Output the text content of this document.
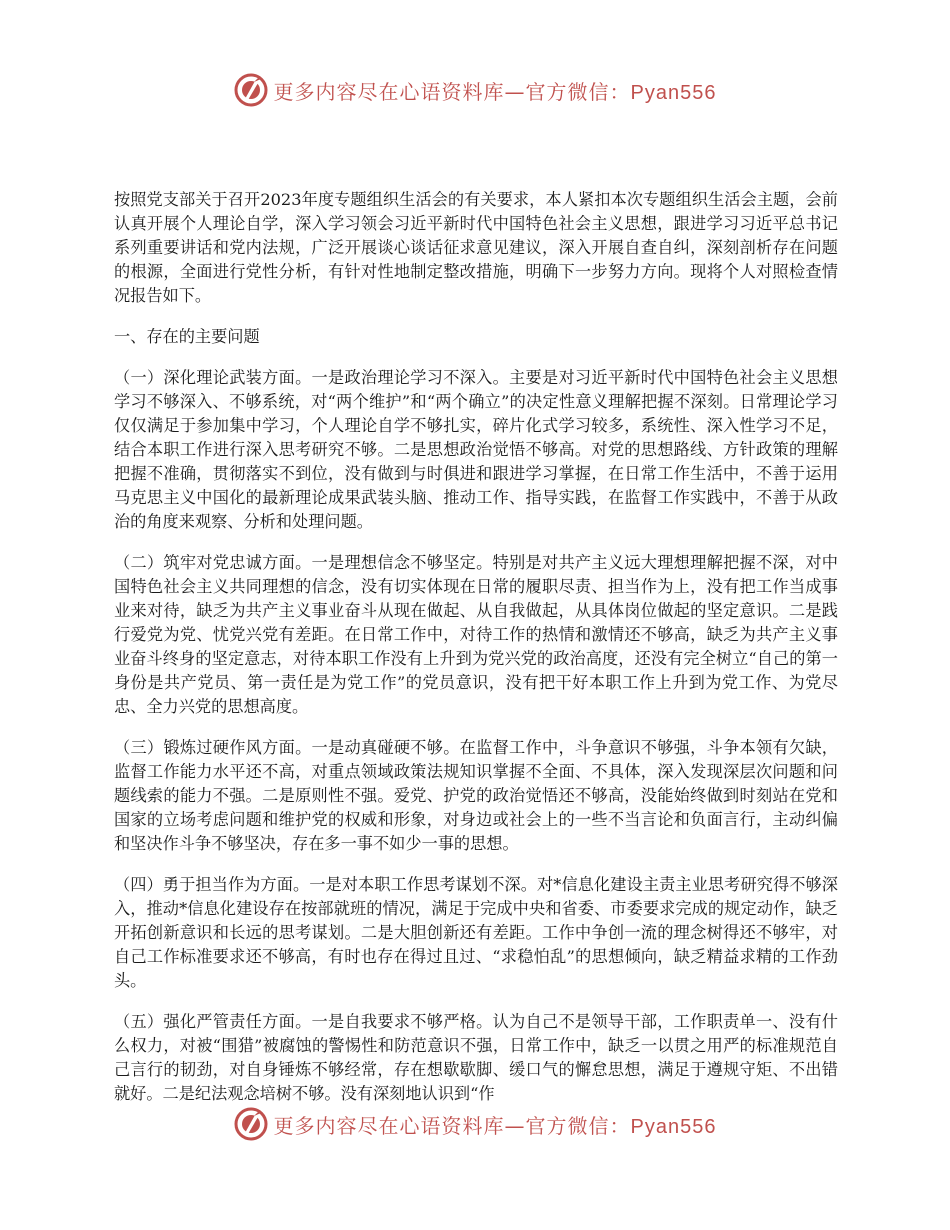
更多内容尽在心语资料库—官方微信：Pyan556

按照党支部关于召开2023年度专题组织生活会的有关要求，本人紧扣本次专题组织生活会主题，会前认真开展个人理论自学，深入学习领会习近平新时代中国特色社会主义思想，跟进学习习近平总书记系列重要讲话和党内法规，广泛开展谈心谈话征求意见建议，深入开展自查自纠，深刻剖析存在问题的根源，全面进行党性分析，有针对性地制定整改措施，明确下一步努力方向。现将个人对照检查情况报告如下。

一、存在的主要问题

（一）深化理论武装方面。一是政治理论学习不深入。主要是对习近平新时代中国特色社会主义思想学习不够深入、不够系统，对“两个维护”和“两个确立”的决定性意义理解把握不深刻。日常理论学习仅仅满足于参加集中学习，个人理论自学不够扎实，碎片化式学习较多，系统性、深入性学习不足，结合本职工作进行深入思考研究不够。二是思想政治觉悟不够高。对党的思想路线、方针政策的理解把握不准确，贯彻落实不到位，没有做到与时俱进和跟进学习掌握，在日常工作生活中，不善于运用马克思主义中国化的最新理论成果武装头脑、推动工作、指导实践，在监督工作实践中，不善于从政治的角度来观察、分析和处理问题。

（二）筑牢对党忠诚方面。一是理想信念不够坚定。特别是对共产主义远大理想理解把握不深，对中国特色社会主义共同理想的信念，没有切实体现在日常的履职尽责、担当作为上，没有把工作当成事业来对待，缺乏为共产主义事业奋斗从现在做起、从自我做起，从具体岗位做起的坚定意识。二是践行爱党为党、忧党兴党有差距。在日常工作中，对待工作的热情和激情还不够高，缺乏为共产主义事业奋斗终身的坚定意志，对待本职工作没有上升到为党兴党的政治高度，还没有完全树立“自己的第一身份是共产党员、第一责任是为党工作”的党员意识，没有把干好本职工作上升到为党工作、为党尽忠、全力兴党的思想高度。

（三）锻炼过硬作风方面。一是动真碰硬不够。在监督工作中，斗争意识不够强，斗争本领有欠缺，监督工作能力水平还不高，对重点领域政策法规知识掌握不全面、不具体，深入发现深层次问题和问题线索的能力不强。二是原则性不强。爱党、护党的政治觉悟还不够高，没能始终做到时刻站在党和国家的立场考虑问题和维护党的权威和形象，对身边或社会上的一些不当言论和负面言行，主动纠偏和坚决作斗争不够坚决，存在多一事不如少一事的思想。

（四）勇于担当作为方面。一是对本职工作思考谋划不深。对*信息化建设主责主业思考研究得不够深入，推动*信息化建设存在按部就班的情况，满足于完成中央和省委、市委要求完成的规定动作，缺乏开拓创新意识和长远的思考谋划。二是大胆创新还有差距。工作中争创一流的理念树得还不够牢，对自己工作标准要求还不够高，有时也存在得过且过、“求稳怕乱”的思想倾向，缺乏精益求精的工作劲头。

（五）强化严管责任方面。一是自我要求不够严格。认为自己不是领导干部，工作职责单一、没有什么权力，对被“围猎”被腐蚀的警惕性和防范意识不强，日常工作中，缺乏一以贯之用严的标准规范自己言行的韧劲，对自身锤炼不够经常，存在想歇歇脚、缓口气的懈怠思想，满足于遵规守矩、不出错就好。二是纪法观念培树不够。没有深刻地认识到“作

更多内容尽在心语资料库—官方微信：Pyan556
